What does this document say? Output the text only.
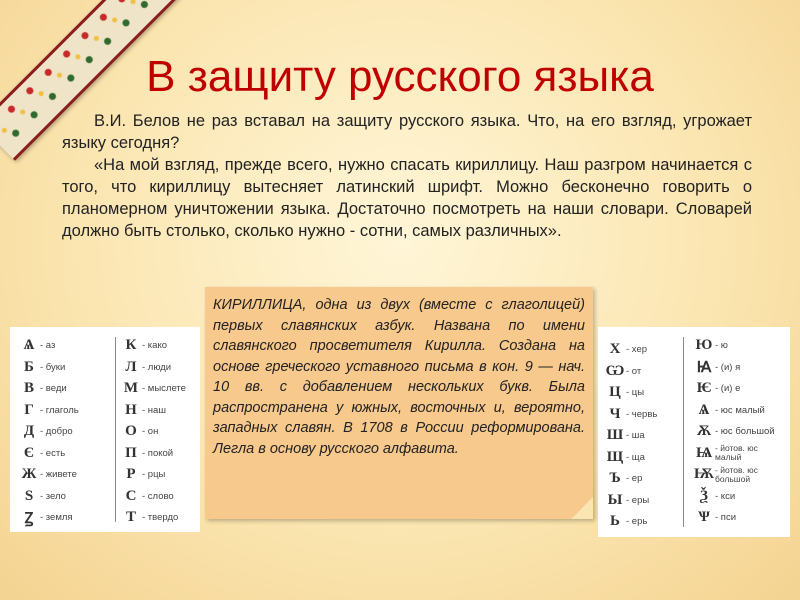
В защиту русского языка

В.И. Белов не раз вставал на защиту русского языка. Что, на его взгляд, угрожает языку сегодня?

«На мой взгляд, прежде всего, нужно спасать кириллицу. Наш разгром начинается с того, что кириллицу вытесняет латинский шрифт. Можно бесконечно говорить о планомерном уничтожении языка. Достаточно посмотреть на наши словари. Словарей должно быть столько, сколько нужно - сотни, самых различных».

Ѧ - аз
Б - буки
В - веди
Г - глаголь
Д - добро
Є - есть
Ж - живете
Ѕ - зело
Ꙁ - земля
К - како
Л - люди
М - мыслете
Н - наш
О - он
П - покой
Р - рцы
С - слово
Т - твердо

КИРИЛЛИЦА, одна из двух (вместе с глаголицей) первых славянских азбук. Названа по имени славянского просветителя Кирилла. Создана на основе греческого уставного письма в кон. 9 — нач. 10 вв. с добавлением нескольких букв. Была распространена у южных, восточных и, вероятно, западных славян. В 1708 в России реформирована. Легла в основу русского алфавита.

Х - хер
Ѡ - от
Ц - цы
Ч - червь
Ш - ша
Щ - ща
Ъ - ер
Ы - еры
Ь - ерь
Ю - ю
Ꙗ - (и) я
Ѥ - (и) е
Ѧ - юс малый
Ѫ - юс большой
Ѩ - йотов. юс малый
Ѭ - йотов. юс большой
Ѯ - кси
Ѱ - пси
